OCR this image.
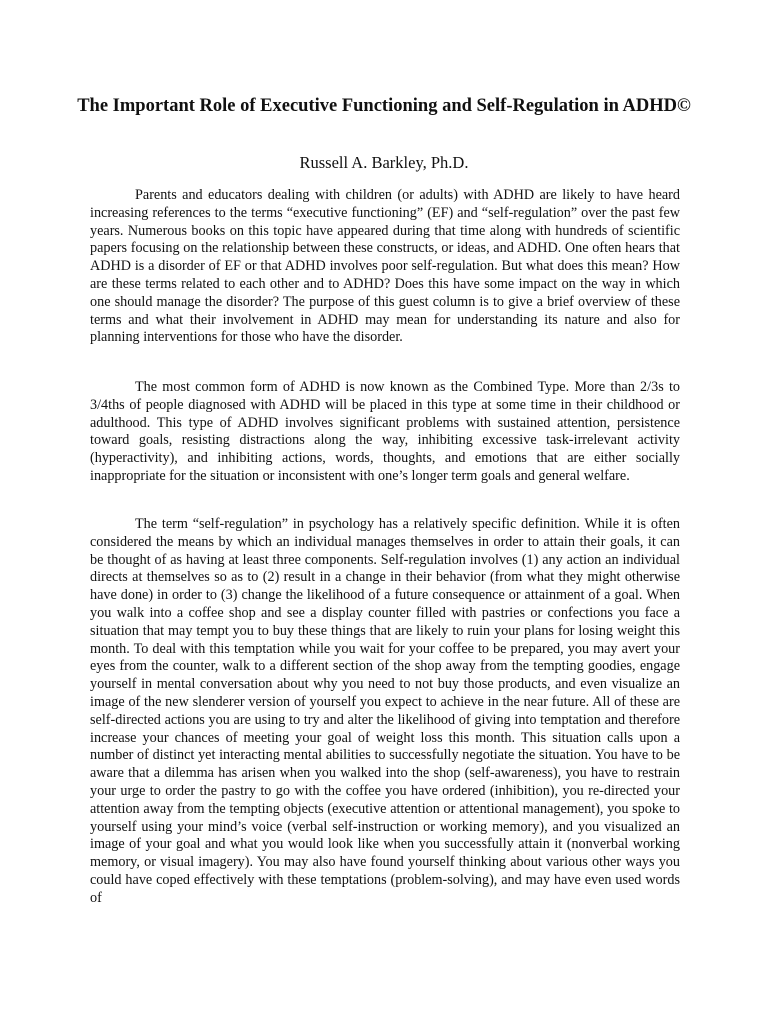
The Important Role of Executive Functioning and Self-Regulation in ADHD©

Russell A. Barkley, Ph.D.

Parents and educators dealing with children (or adults) with ADHD are likely to have heard increasing references to the terms “executive functioning” (EF) and “self-regulation” over the past few years. Numerous books on this topic have appeared during that time along with hundreds of scientific papers focusing on the relationship between these constructs, or ideas, and ADHD. One often hears that ADHD is a disorder of EF or that ADHD involves poor self-regulation. But what does this mean? How are these terms related to each other and to ADHD? Does this have some impact on the way in which one should manage the disorder? The purpose of this guest column is to give a brief overview of these terms and what their involvement in ADHD may mean for understanding its nature and also for planning interventions for those who have the disorder.

The most common form of ADHD is now known as the Combined Type. More than 2/3s to 3/4ths of people diagnosed with ADHD will be placed in this type at some time in their childhood or adulthood. This type of ADHD involves significant problems with sustained attention, persistence toward goals, resisting distractions along the way, inhibiting excessive task-irrelevant activity (hyperactivity), and inhibiting actions, words, thoughts, and emotions that are either socially inappropriate for the situation or inconsistent with one’s longer term goals and general welfare.

The term “self-regulation” in psychology has a relatively specific definition. While it is often considered the means by which an individual manages themselves in order to attain their goals, it can be thought of as having at least three components. Self-regulation involves (1) any action an individual directs at themselves so as to (2) result in a change in their behavior (from what they might otherwise have done) in order to (3) change the likelihood of a future consequence or attainment of a goal. When you walk into a coffee shop and see a display counter filled with pastries or confections you face a situation that may tempt you to buy these things that are likely to ruin your plans for losing weight this month. To deal with this temptation while you wait for your coffee to be prepared, you may avert your eyes from the counter, walk to a different section of the shop away from the tempting goodies, engage yourself in mental conversation about why you need to not buy those products, and even visualize an image of the new slenderer version of yourself you expect to achieve in the near future. All of these are self-directed actions you are using to try and alter the likelihood of giving into temptation and therefore increase your chances of meeting your goal of weight loss this month. This situation calls upon a number of distinct yet interacting mental abilities to successfully negotiate the situation. You have to be aware that a dilemma has arisen when you walked into the shop (self-awareness), you have to restrain your urge to order the pastry to go with the coffee you have ordered (inhibition), you re-directed your attention away from the tempting objects (executive attention or attentional management), you spoke to yourself using your mind’s voice (verbal self-instruction or working memory), and you visualized an image of your goal and what you would look like when you successfully attain it (nonverbal working memory, or visual imagery). You may also have found yourself thinking about various other ways you could have coped effectively with these temptations (problem-solving), and may have even used words of
